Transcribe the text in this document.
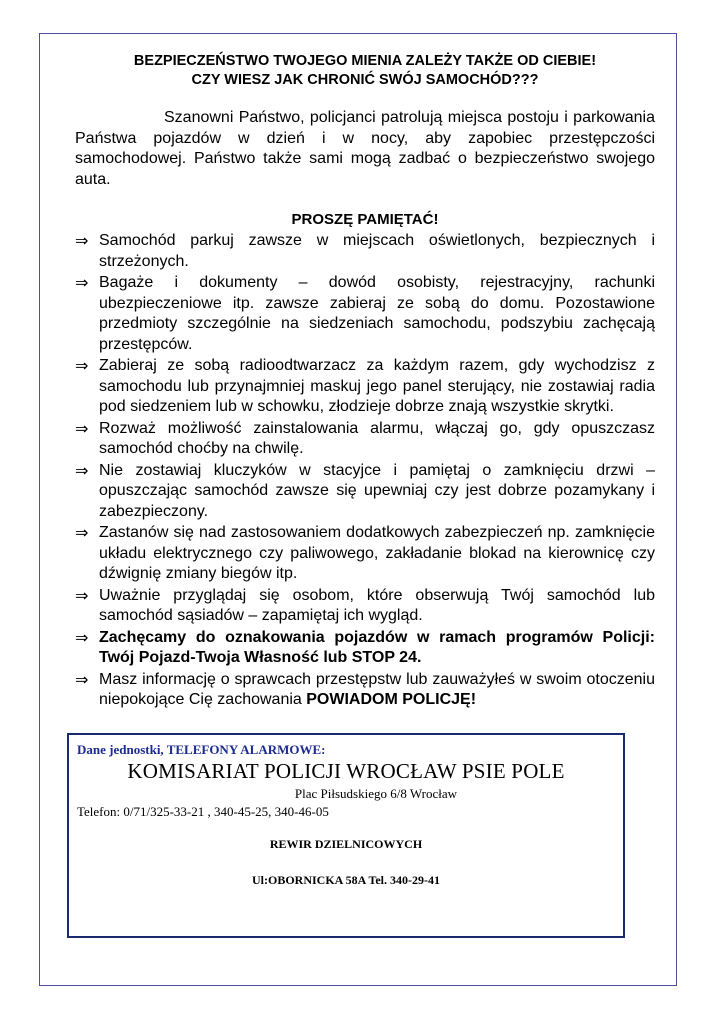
BEZPIECZEŃSTWO TWOJEGO MIENIA ZALEŻY TAKŻE OD CIEBIE!

CZY WIESZ JAK CHRONIĆ SWÓJ SAMOCHÓD???

Szanowni Państwo, policjanci patrolują miejsca postoju i parkowania Państwa pojazdów w dzień i w nocy, aby zapobiec przestępczości samochodowej. Państwo także sami mogą zadbać o bezpieczeństwo swojego auta.

PROSZĘ PAMIĘTAĆ!

⇒ Samochód parkuj zawsze w miejscach oświetlonych, bezpiecznych i strzeżonych.
⇒ Bagaże i dokumenty – dowód osobisty, rejestracyjny, rachunki ubezpieczeniowe itp. zawsze zabieraj ze sobą do domu. Pozostawione przedmioty szczególnie na siedzeniach samochodu, podszybiu zachęcają przestępców.
⇒ Zabieraj ze sobą radioodtwarzacz za każdym razem, gdy wychodzisz z samochodu lub przynajmniej maskuj jego panel sterujący, nie zostawiaj radia pod siedzeniem lub w schowku, złodzieje dobrze znają wszystkie skrytki.
⇒ Rozważ możliwość zainstalowania alarmu, włączaj go, gdy opuszczasz samochód choćby na chwilę.
⇒ Nie zostawiaj kluczyków w stacyjce i pamiętaj o zamknięciu drzwi – opuszczając samochód zawsze się upewniaj czy jest dobrze pozamykany i zabezpieczony.
⇒ Zastanów się nad zastosowaniem dodatkowych zabezpieczeń np. zamknięcie układu elektrycznego czy paliwowego, zakładanie blokad na kierownicę czy dźwignię zmiany biegów itp.
⇒ Uważnie przyglądaj się osobom, które obserwują Twój samochód lub samochód sąsiadów – zapamiętaj ich wygląd.
⇒ Zachęcamy do oznakowania pojazdów w ramach programów Policji: Twój Pojazd-Twoja Własność lub STOP 24.
⇒ Masz informację o sprawcach przestępstw lub zauważyłeś w swoim otoczeniu niepokojące Cię zachowania POWIADOM POLICJĘ!
Dane jednostki, TELEFONY ALARMOWE:
KOMISARIAT POLICJI WROCŁAW PSIE POLE
Plac Piłsudskiego 6/8 Wrocław
Telefon: 0/71/325-33-21 , 340-45-25, 340-46-05
REWIR DZIELNICOWYCH
Ul:OBORNICKA 58A Tel. 340-29-41
